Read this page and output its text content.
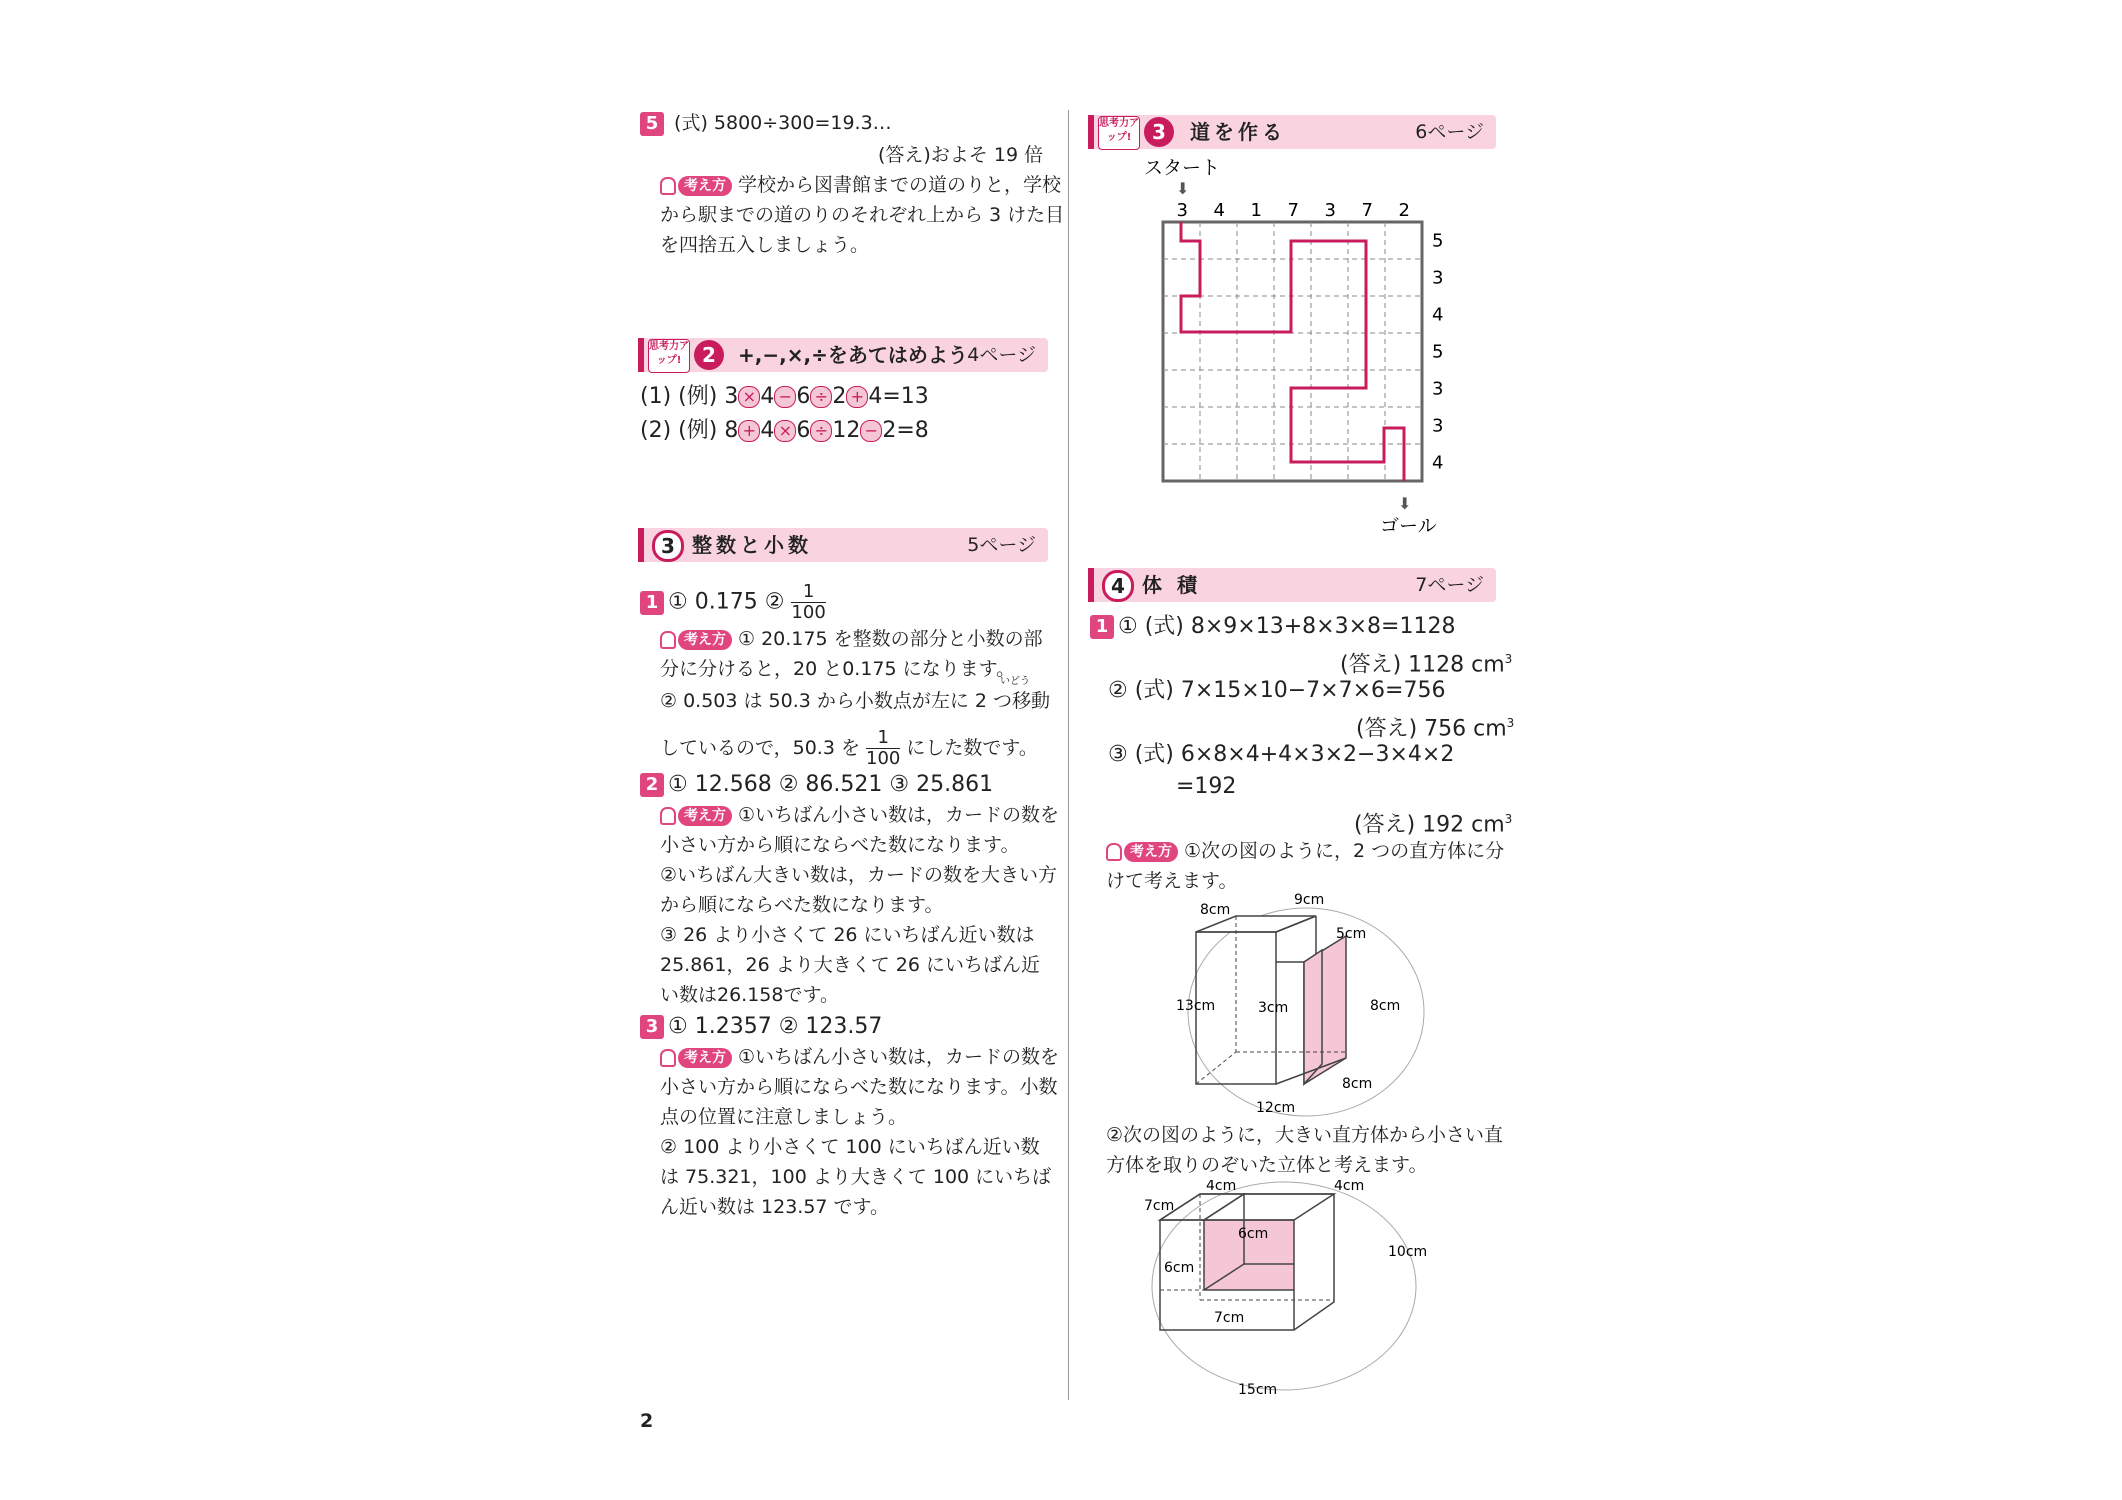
5 (式) 5800÷300=19.3…
(答え)およそ 19 倍
考え方 学校から図書館までの道のりと，学校
から駅までの道のりのそれぞれ上から 3 けた目
を四捨五入しましょう。
思考力アップ!	2	+,−,×,÷をあてはめよう 4ページ
(1) (例) 3 × 4 − 6 ÷ 2 + 4=13
(2) (例) 8 + 4 × 6 ÷ 12 − 2=8
3 整数と小数	5ページ
1 ① 0.175 ② $\frac{1}{100}$
考え方 ① 20.175 を整数の部分と小数の部
分に分けると，20 と0.175 になります。
② 0.503 は 50.3 から小数点が左に 2 つ移動
いどう
しているので，50.3 を $\frac{1}{100}$ にした数です。
2 ① 12.568 ② 86.521 ③ 25.861
考え方 ①いちばん小さい数は，カードの数を
小さい方から順にならべた数になります。
②いちばん大きい数は，カードの数を大きい方
から順にならべた数になります。
③ 26 より小さくて 26 にいちばん近い数は
25.861，26 より大きくて 26 にいちばん近
い数は26.158です。
3 ① 1.2357 ② 123.57
考え方 ①いちばん小さい数は，カードの数を
小さい方から順にならべた数になります。小数
点の位置に注意しましょう。
② 100 より小さくて 100 にいちばん近い数
は 75.321，100 より大きくて 100 にいちば
ん近い数は 123.57 です。
2
思考力アップ!	3	道を作る	6ページ
スタート
⬇
3 4 1 7 3 7 2
5
3
4
5
3
3
4
⬇
ゴール
4 体 積	7ページ
1 ① (式) 8×9×13+8×3×8=1128
(答え) 1128 $cm^3$
② (式) 7×15×10−7×7×6=756
(答え) 756 $cm^3$
③ (式) 6×8×4+4×3×2−3×4×2
=192
(答え) 192 $cm^3$
考え方 ①次の図のように，2 つの直方体に分
けて考えます。
9cm
8cm
5cm
3cm
13cm	8cm
8cm
12cm
②次の図のように，大きい直方体から小さい直
方体を取りのぞいた立体と考えます。
4cm	4cm
7cm
6cm
6cm
10cm
7cm
15cm
